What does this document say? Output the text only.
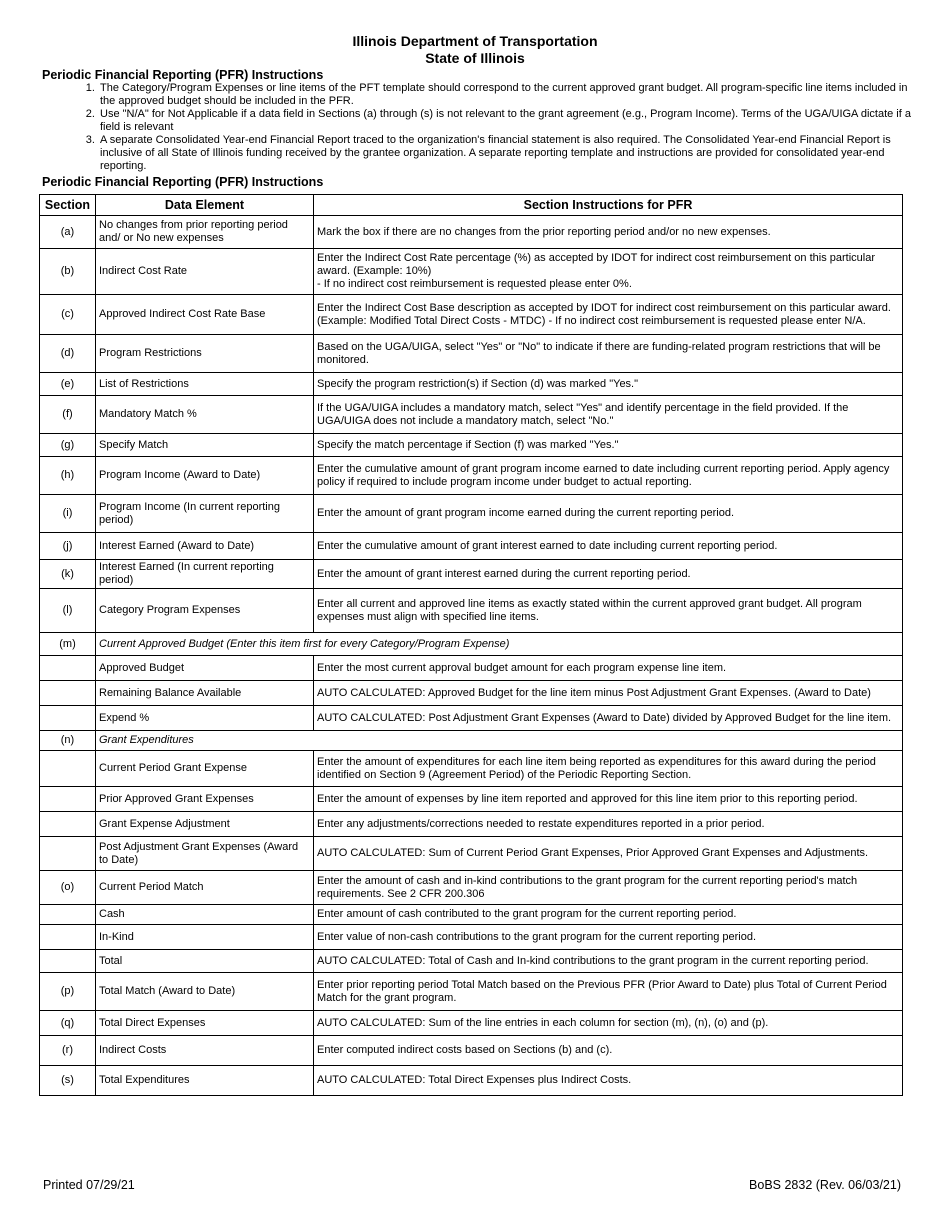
Illinois Department of Transportation
State of Illinois
Periodic Financial Reporting (PFR) Instructions
1. The Category/Program Expenses or line items of the PFT template should correspond to the current approved grant budget. All program-specific line items included in the approved budget should be included in the PFR.
2. Use "N/A" for Not Applicable if a data field in Sections (a) through (s) is not relevant to the grant agreement (e.g., Program Income). Terms of the UGA/UIGA dictate if a field is relevant
3. A separate Consolidated Year-end Financial Report traced to the organization's financial statement is also required. The Consolidated Year-end Financial Report is inclusive of all State of Illinois funding received by the grantee organization. A separate reporting template and instructions are provided for consolidated year-end reporting.
Periodic Financial Reporting (PFR) Instructions
Section	Data Element	Section Instructions for PFR
(a)	No changes from prior reporting period and/ or No new expenses	Mark the box if there are no changes from the prior reporting period and/or no new expenses.

(b)	Indirect Cost Rate	Enter the Indirect Cost Rate percentage (%) as accepted by IDOT for indirect cost reimbursement on this particular award. (Example: 10%)
- If no indirect cost reimbursement is requested please enter 0%.

(c)	Approved Indirect Cost Rate Base	Enter the Indirect Cost Base description as accepted by IDOT for indirect cost reimbursement on this particular award. (Example: Modified Total Direct Costs - MTDC) - If no indirect cost reimbursement is requested please enter N/A.

(d)	Program Restrictions	Based on the UGA/UIGA, select "Yes" or "No" to indicate if there are funding-related program restrictions that will be monitored.

(e)	List of Restrictions	Specify the program restriction(s) if Section (d) was marked "Yes."

(f)	Mandatory Match %	If the UGA/UIGA includes a mandatory match, select "Yes" and identify percentage in the field provided. If the UGA/UIGA does not include a mandatory match, select "No."

(g)	Specify Match	Specify the match percentage if Section (f) was marked "Yes."

(h)	Program Income (Award to Date)	Enter the cumulative amount of grant program income earned to date including current reporting period. Apply agency policy if required to include program income under budget to actual reporting.

(i)	Program Income (In current reporting period)	Enter the amount of grant program income earned during the current reporting period.

(j)	Interest Earned (Award to Date)	Enter the cumulative amount of grant interest earned to date including current reporting period.

(k)	Interest Earned (In current reporting period)	Enter the amount of grant interest earned during the current reporting period.

(l)	Category Program Expenses	Enter all current and approved line items as exactly stated within the current approved grant budget. All program expenses must align with specified line items.

(m)	Current Approved Budget (Enter this item first for every Category/Program Expense)	
	Approved Budget	Enter the most current approval budget amount for each program expense line item.

	Remaining Balance Available	AUTO CALCULATED: Approved Budget for the line item minus Post Adjustment Grant Expenses. (Award to Date)

	Expend %	AUTO CALCULATED: Post Adjustment Grant Expenses (Award to Date) divided by Approved Budget for the line item.

(n)	Grant Expenditures	
	Current Period Grant Expense	Enter the amount of expenditures for each line item being reported as expenditures for this award during the period identified on Section 9 (Agreement Period) of the Periodic Reporting Section.

	Prior Approved Grant Expenses	Enter the amount of expenses by line item reported and approved for this line item prior to this reporting period.

	Grant Expense Adjustment	Enter any adjustments/corrections needed to restate expenditures reported in a prior period.

	Post Adjustment Grant Expenses (Award to Date)	AUTO CALCULATED: Sum of Current Period Grant Expenses, Prior Approved Grant Expenses and Adjustments.

(o)	Current Period Match	Enter the amount of cash and in-kind contributions to the grant program for the current reporting period's match requirements. See 2 CFR 200.306

	Cash	Enter amount of cash contributed to the grant program for the current reporting period.

	In-Kind	Enter value of non-cash contributions to the grant program for the current reporting period.

	Total	AUTO CALCULATED: Total of Cash and In-kind contributions to the grant program in the current reporting period.

(p)	Total Match (Award to Date)	Enter prior reporting period Total Match based on the Previous PFR (Prior Award to Date) plus Total of Current Period Match for the grant program.

(q)	Total Direct Expenses	AUTO CALCULATED: Sum of the line entries in each column for section (m), (n), (o) and (p).

(r)	Indirect Costs	Enter computed indirect costs based on Sections (b) and (c).

(s)	Total Expenditures	AUTO CALCULATED: Total Direct Expenses plus Indirect Costs.
Printed 07/29/21	BoBS 2832 (Rev. 06/03/21)
